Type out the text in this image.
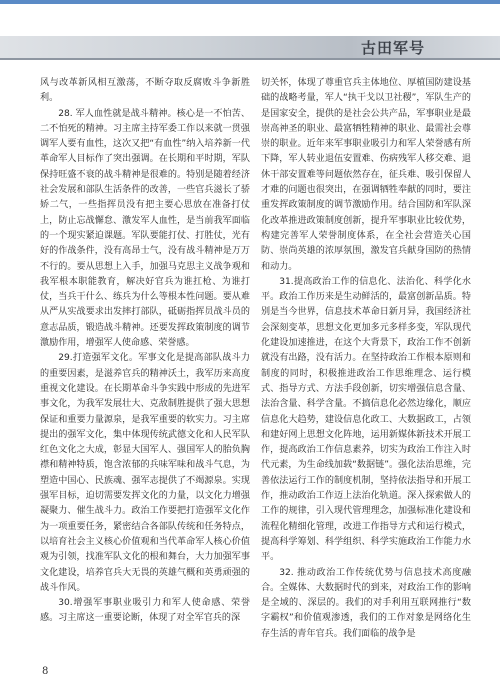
古田军号

风与改革新风相互激荡，不断夺取反腐败斗争新胜利。

28. 军人血性就是战斗精神。核心是一不怕苦、二不怕死的精神。习主席主持军委工作以来就一贯强调军人要有血性，这次又把“有血性”纳入培养新一代革命军人目标作了突出强调。在长期和平时期，军队保持旺盛不衰的战斗精神是很难的。特别是随着经济社会发展和部队生活条件的改善，一些官兵滋长了骄娇二气，一些指挥员没有把主要心思放在准备打仗上，防止忘战懈怠、激发军人血性，是当前我军面临的一个现实紧迫课题。军队要能打仗、打胜仗，光有好的作战条件，没有高昂士气，没有战斗精神是万万不行的。要从思想上入手，加强马克思主义战争观和我军根本职能教育，解决好官兵为谁扛枪、为谁打仗，当兵干什么、练兵为什么等根本性问题。要从难从严从实战要求出发摔打部队，砥砺指挥员战斗员的意志品质，锻造战斗精神。还要发挥政策制度的调节激励作用，增强军人使命感、荣誉感。

29.打造强军文化。军事文化是提高部队战斗力的重要因素，是滋养官兵的精神沃土，我军历来高度重视文化建设。在长期革命斗争实践中形成的先进军事文化，为我军发展壮大、克敌制胜提供了强大思想保证和重要力量源泉，是我军重要的软实力。习主席提出的强军文化，集中体现传统武德文化和人民军队红色文化之大成，彰显大国军人、强国军人的胎负胸襟和精神特质，饱含浓郁的兵味军味和战斗气息，为塑造中国心、民族魂、强军志提供了不竭源泉。实现强军目标，迫切需要发挥文化的力量，以文化力增强凝聚力、催生战斗力。政治工作要把打造强军文化作为一项重要任务，紧密结合各部队传统和任务特点，以培育社会主义核心价值观和当代革命军人核心价值观为引领，找准军队文化的根和舞台，大力加强军事文化建设，培养官兵大无畏的英雄气概和英勇顽强的战斗作风。

30.增强军事职业吸引力和军人使命感、荣誉感。习主席这一重要论断，体现了对全军官兵的深

切关怀，体现了尊重官兵主体地位、厚植国防建设基础的战略考量，军人“执干戈以卫社稷”，军队生产的是国家安全，提供的是社会公共产品，军事职业是最崇高神圣的职业、最富牺牲精神的职业、最需社会尊崇的职业。近年来军事职业吸引力和军人荣誉感有所下降，军人转业退伍安置难、伤病残军人移交难、退休干部安置难等问题依然存在，征兵难、吸引保留人才难的问题也很突出，在强调牺牲奉献的同时，要注重发挥政策制度的调节激励作用。结合国防和军队深化改革推进政策制度创新，提升军事职业比较优势，构建完善军人荣誉制度体系，在全社会营造关心国防、崇尚英雄的浓厚氛围，激发官兵献身国防的热情和动力。

31.提高政治工作的信息化、法治化、科学化水平。政治工作历来是生动鲜活的，最富创新品质。特别是当今世界，信息技术革命日新月异，我国经济社会深刻变革，思想文化更加多元多样多变，军队现代化建设加速推进，在这个大背景下，政治工作不创新就没有出路，没有活力。在坚持政治工作根本原则和制度的同时，积极推进政治工作思维理念、运行模式、指导方式、方法手段创新，切实增强信息含量、法治含量、科学含量。不搞信息化必然边缘化，顺应信息化大趋势，建设信息化政工、大数据政工，占领和建好网上思想文化阵地，运用新媒体新技术开展工作，提高政治工作信息素养，切实为政治工作注入时代元素，为生命线加载“数据链”。强化法治思维，完善依法运行工作的制度机制，坚持依法指导和开展工作，推动政治工作迈上法治化轨道。深入探索做人的工作的规律，引入现代管理理念，加强标准化建设和流程化精细化管理，改进工作指导方式和运行模式，提高科学筹划、科学组织、科学实施政治工作能力水平。

32. 推动政治工作传统优势与信息技术高度融合。全媒体、大数据时代的到来，对政治工作的影响是全域的、深层的。我们的对手利用互联网推行“数字霸权”和价值观渗透，我们的工作对象是网络化生存生活的青年官兵。我们面临的战争是

8
